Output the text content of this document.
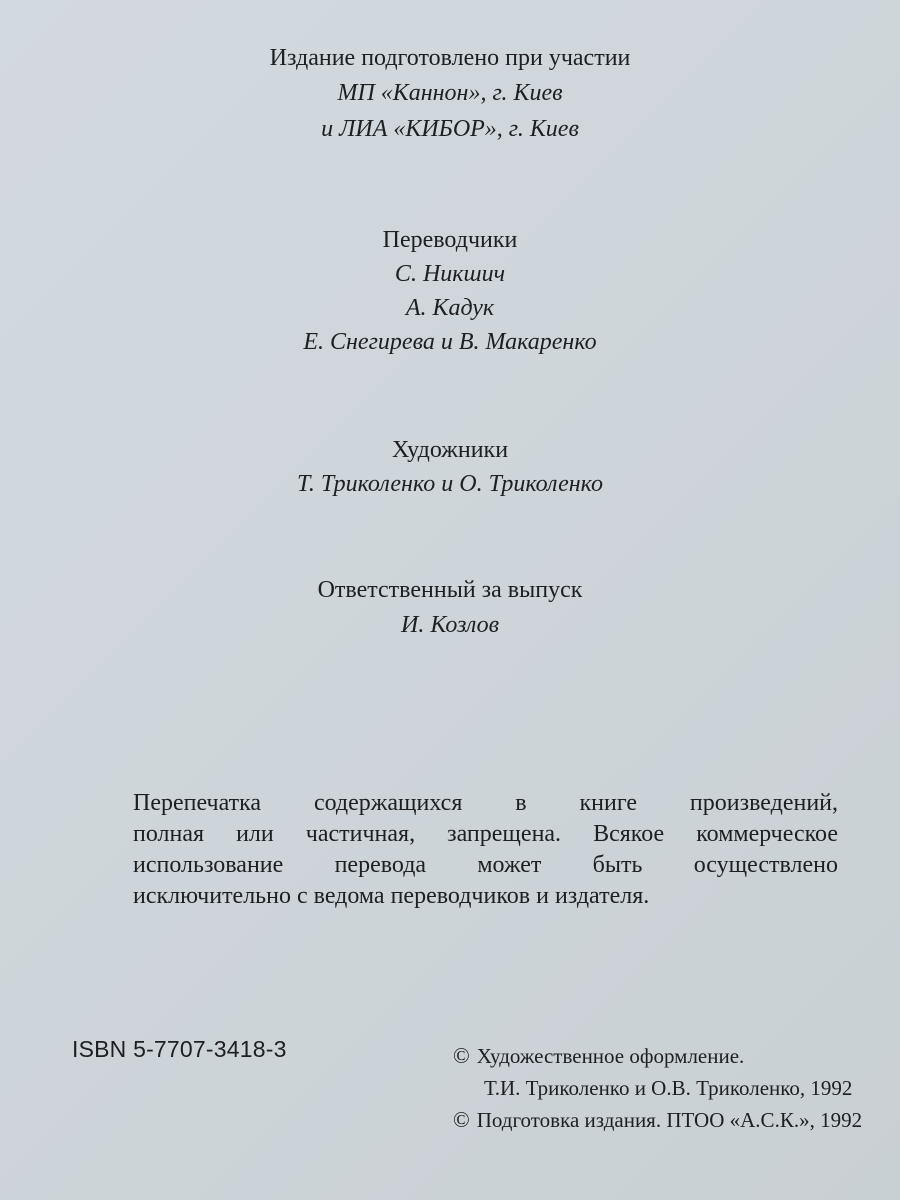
Издание подготовлено при участии
МП «Каннон», г. Киев
и ЛИА «КИБОР», г. Киев
Переводчики
С. Никшич
А. Кадук
Е. Снегирева и В. Макаренко
Художники
Т. Триколенко и О. Триколенко
Ответственный за выпуск
И. Козлов
Перепечатка содержащихся в книге произведений,
полная или частичная, запрещена. Всякое коммерческое
использование перевода может быть осуществлено
исключительно с ведома переводчиков и издателя.
ISBN 5-7707-3418-3	© Художественное оформление.
Т.И. Триколенко и О.В. Триколенко, 1992
© Подготовка издания. ПТОО «А.С.К.», 1992
